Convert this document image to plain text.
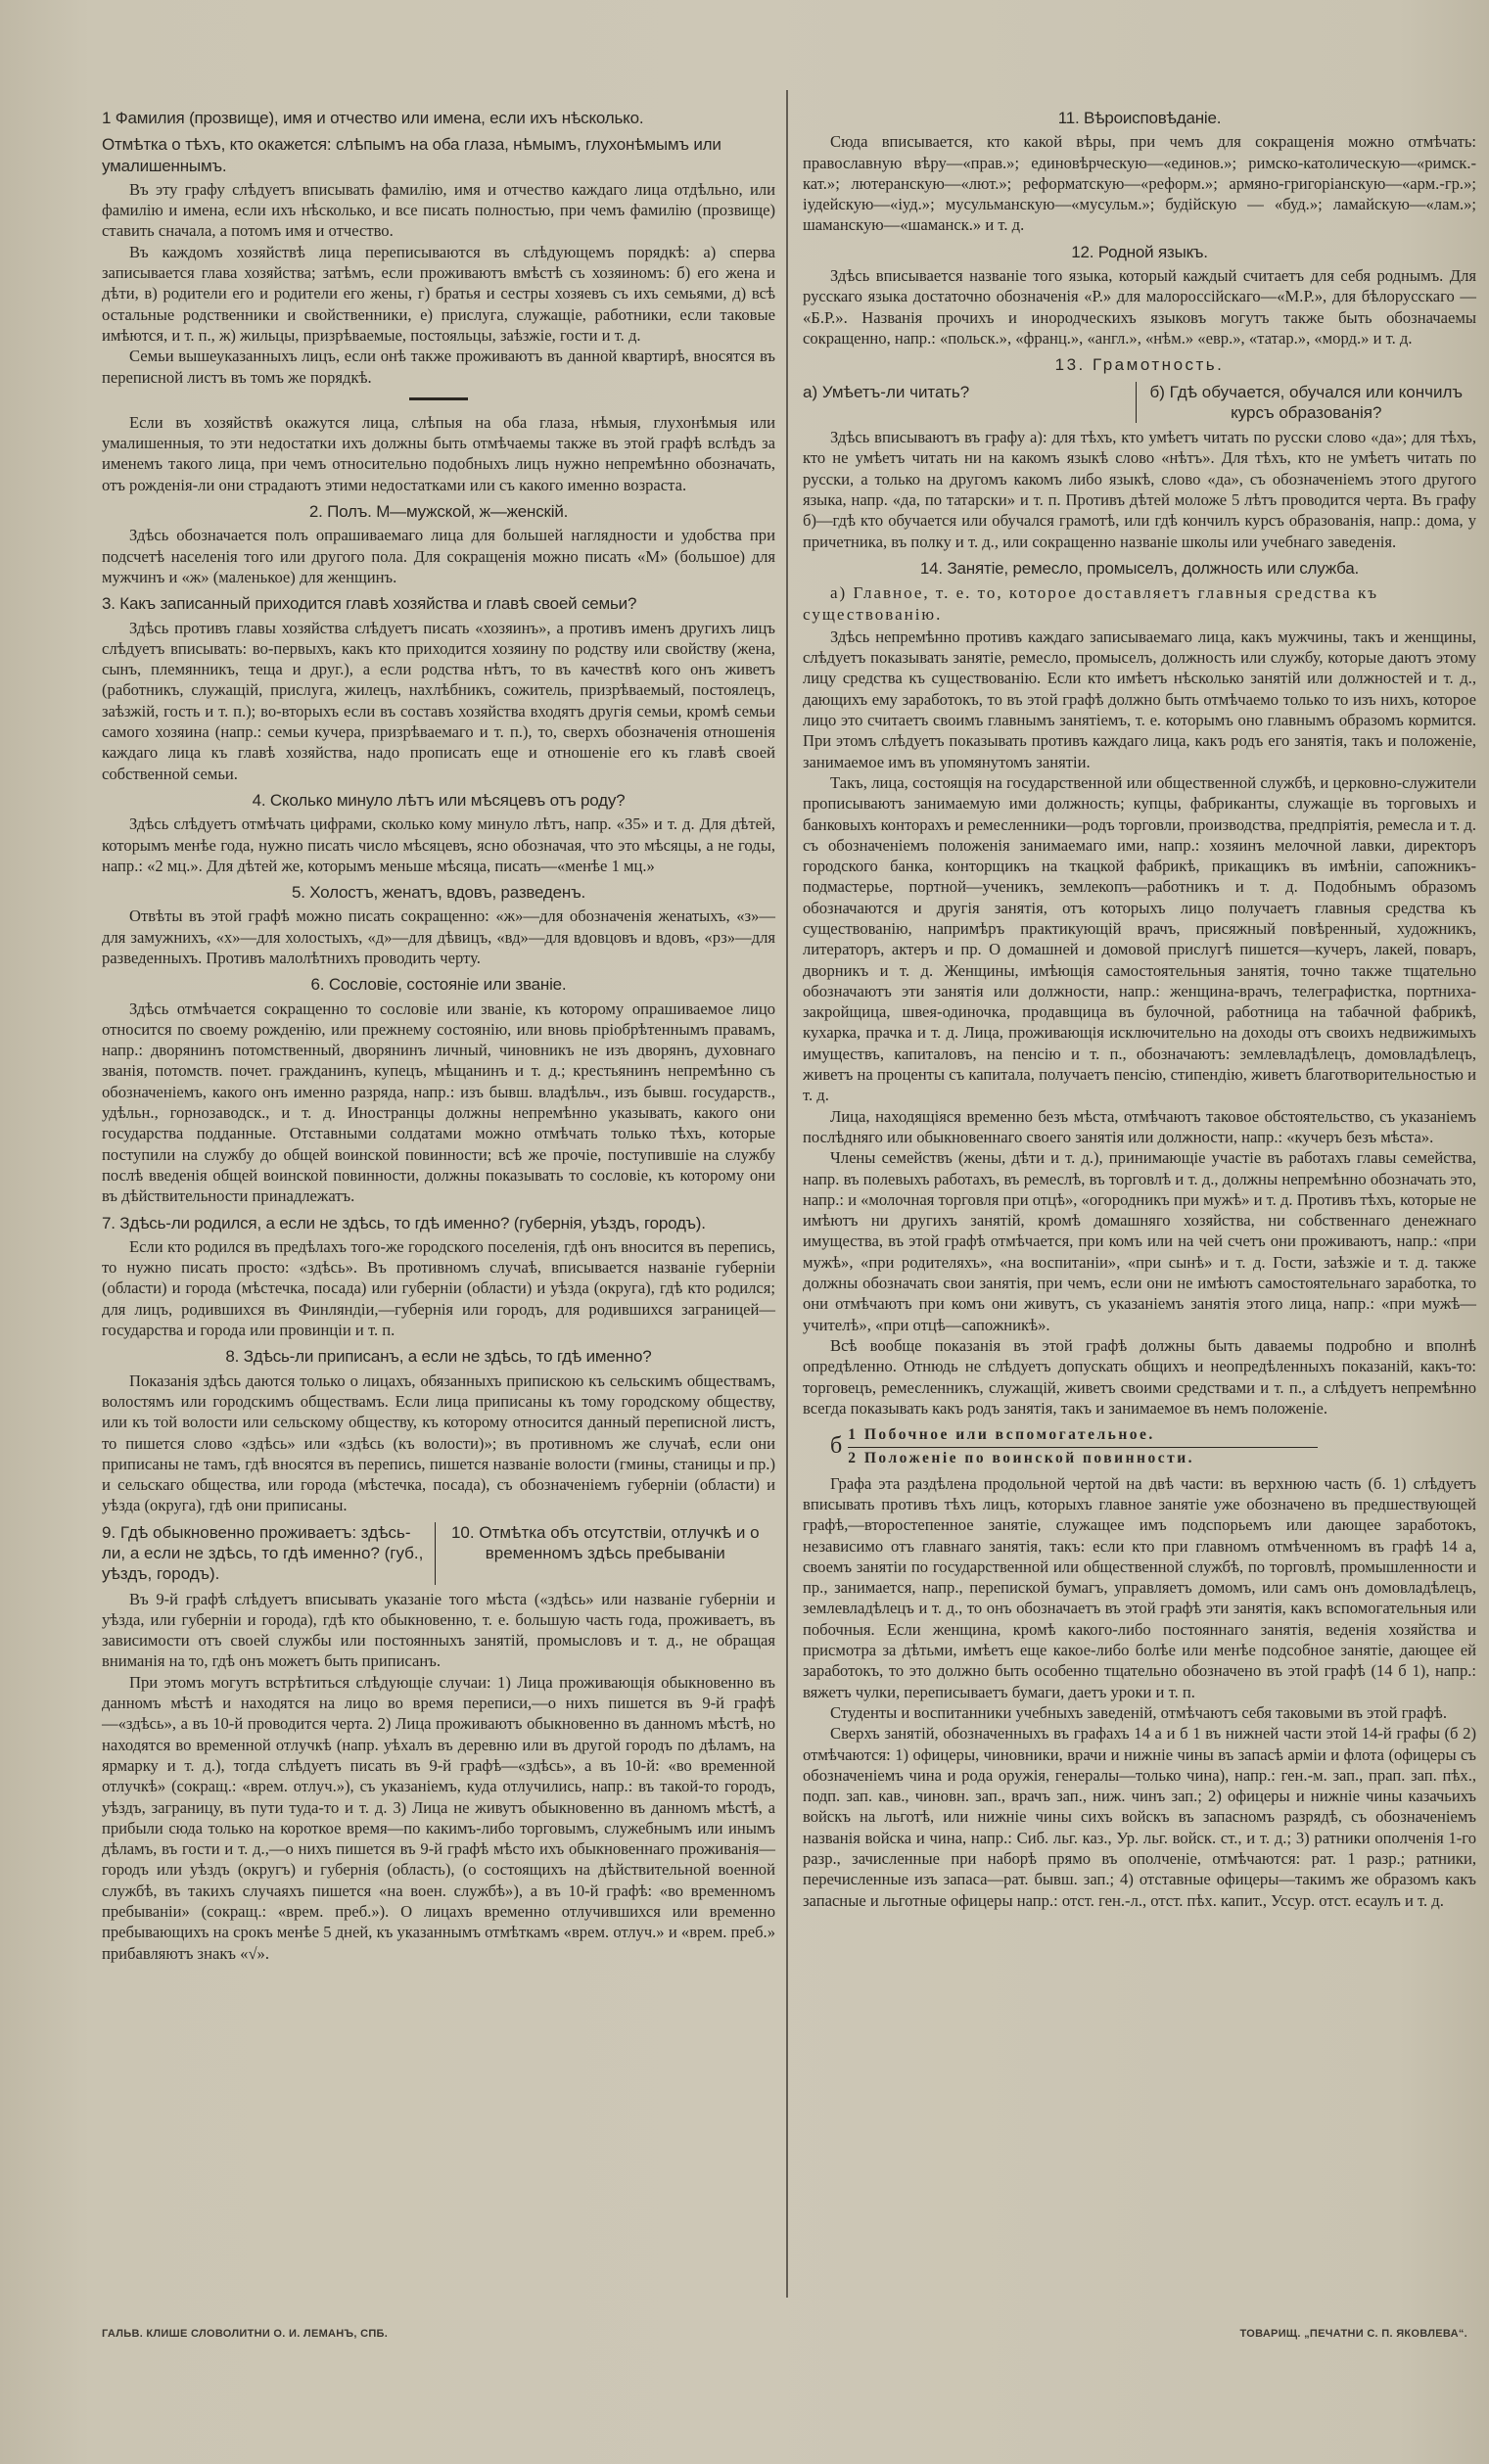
1 Фамилия (прозвище), имя и отчество или имена, если ихъ нѣсколько.
Отмѣтка о тѣхъ, кто окажется: слѣпымъ на оба глаза, нѣмымъ, глухонѣмымъ или умалишеннымъ.

Въ эту графу слѣдуетъ вписывать фамилію, имя и отчество каждаго лица отдѣльно, или фамилію и имена, если ихъ нѣсколько, и все писать полностью, при чемъ фамилію (прозвище) ставить сначала, а потомъ имя и отчество.

Въ каждомъ хозяйствѣ лица переписываются въ слѣдующемъ порядкѣ: а) сперва записывается глава хозяйства; затѣмъ, если проживаютъ вмѣстѣ съ хозяиномъ: б) его жена и дѣти, в) родители его и родители его жены, г) братья и сестры хозяевъ съ ихъ семьями, д) всѣ остальные родственники и свойственники, е) прислуга, служащіе, работники, если таковые имѣются, и т. п., ж) жильцы, призрѣваемые, постояльцы, заѣзжіе, гости и т. д.

Семьи вышеуказанныхъ лицъ, если онѣ также проживаютъ въ данной квартирѣ, вносятся въ переписной листъ въ томъ же порядкѣ.

Если въ хозяйствѣ окажутся лица, слѣпыя на оба глаза, нѣмыя, глухонѣмыя или умалишенныя, то эти недостатки ихъ должны быть отмѣчаемы также въ этой графѣ вслѣдъ за именемъ такого лица, при чемъ относительно подобныхъ лицъ нужно непремѣнно обозначать, отъ рожденія-ли они страдаютъ этими недостатками или съ какого именно возраста.

2. Полъ. М—мужской, ж—женскій.

Здѣсь обозначается полъ опрашиваемаго лица для большей наглядности и удобства при подсчетѣ населенія того или другого пола. Для сокращенія можно писать «М» (большое) для мужчинъ и «ж» (маленькое) для женщинъ.

3. Какъ записанный приходится главѣ хозяйства и главѣ своей семьи?

Здѣсь противъ главы хозяйства слѣдуетъ писать «хозяинъ», а противъ именъ другихъ лицъ слѣдуетъ вписывать: во-первыхъ, какъ кто приходится хозяину по родству или свойству (жена, сынъ, племянникъ, теща и друг.), а если родства нѣтъ, то въ качествѣ кого онъ живетъ (работникъ, служащій, прислуга, жилецъ, нахлѣбникъ, сожитель, призрѣваемый, постоялецъ, заѣзжій, гость и т. п.); во-вторыхъ если въ составъ хозяйства входятъ другія семьи, кромѣ семьи самого хозяина (напр.: семьи кучера, призрѣваемаго и т. п.), то, сверхъ обозначенія отношенія каждаго лица къ главѣ хозяйства, надо прописать еще и отношеніе его къ главѣ своей собственной семьи.

4. Сколько минуло лѣтъ или мѣсяцевъ отъ роду?

Здѣсь слѣдуетъ отмѣчать цифрами, сколько кому минуло лѣтъ, напр. «35» и т. д. Для дѣтей, которымъ менѣе года, нужно писать число мѣсяцевъ, ясно обозначая, что это мѣсяцы, а не годы, напр.: «2 мц.». Для дѣтей же, которымъ меньше мѣсяца, писать—«менѣе 1 мц.»

5. Холостъ, женатъ, вдовъ, разведенъ.

Отвѣты въ этой графѣ можно писать сокращенно: «ж»—для обозначенія женатыхъ, «з»—для замужнихъ, «х»—для холостыхъ, «д»—для дѣвицъ, «вд»—для вдовцовъ и вдовъ, «рз»—для разведенныхъ. Противъ малолѣтнихъ проводить черту.

6. Сословіе, состояніе или званіе.

Здѣсь отмѣчается сокращенно то сословіе или званіе, къ которому опрашиваемое лицо относится по своему рожденію, или прежнему состоянію, или вновь пріобрѣтеннымъ правамъ, напр.: дворянинъ потомственный, дворянинъ личный, чиновникъ не изъ дворянъ, духовнаго званія, потомств. почет. гражданинъ, купецъ, мѣщанинъ и т. д.; крестьянинъ непремѣнно съ обозначеніемъ, какого онъ именно разряда, напр.: изъ бывш. владѣльч., изъ бывш. государств., удѣльн., горнозаводск., и т. д. Иностранцы должны непремѣнно указывать, какого они государства подданные. Отставными солдатами можно отмѣчать только тѣхъ, которые поступили на службу до общей воинской повинности; всѣ же прочіе, поступившіе на службу послѣ введенія общей воинской повинности, должны показывать то сословіе, къ которому они въ дѣйствительности принадлежатъ.

7. Здѣсь-ли родился, а если не здѣсь, то гдѣ именно? (губернія, уѣздъ, городъ).

Если кто родился въ предѣлахъ того-же городского поселенія, гдѣ онъ вносится въ перепись, то нужно писать просто: «здѣсь». Въ противномъ случаѣ, вписывается названіе губерніи (области) и города (мѣстечка, посада) или губерніи (области) и уѣзда (округа), гдѣ кто родился; для лицъ, родившихся въ Финляндіи,—губернія или городъ, для родившихся заграницей—государства и города или провинціи и т. п.

8. Здѣсь-ли приписанъ, а если не здѣсь, то гдѣ именно?

Показанія здѣсь даются только о лицахъ, обязанныхъ припискою къ сельскимъ обществамъ, волостямъ или городскимъ обществамъ. Если лица приписаны къ тому городскому обществу, или къ той волости или сельскому обществу, къ которому относится данный переписной листъ, то пишется слово «здѣсь» или «здѣсь (къ волости)»; въ противномъ же случаѣ, если они приписаны не тамъ, гдѣ вносятся въ перепись, пишется названіе волости (гмины, станицы и пр.) и сельскаго общества, или города (мѣстечка, посада), съ обозначеніемъ губерніи (области) и уѣзда (округа), гдѣ они приписаны.

9. Гдѣ обыкновенно проживаетъ: здѣсь-ли, а если не здѣсь, то гдѣ именно? (губ., уѣздъ, городъ).
10. Отмѣтка объ отсутствіи, отлучкѣ и о временномъ здѣсь пребываніи

Въ 9-й графѣ слѣдуетъ вписывать указаніе того мѣста («здѣсь» или названіе губерніи и уѣзда, или губерніи и города), гдѣ кто обыкновенно, т. е. большую часть года, проживаетъ, въ зависимости отъ своей службы или постоянныхъ занятій, промысловъ и т. д., не обращая вниманія на то, гдѣ онъ можетъ быть приписанъ.

При этомъ могутъ встрѣтиться слѣдующіе случаи: 1) Лица проживающія обыкновенно въ данномъ мѣстѣ и находятся на лицо во время переписи,—о нихъ пишется въ 9-й графѣ—«здѣсь», а въ 10-й проводится черта. 2) Лица проживаютъ обыкновенно въ данномъ мѣстѣ, но находятся во временной отлучкѣ (напр. уѣхалъ въ деревню или въ другой городъ по дѣламъ, на ярмарку и т. д.), тогда слѣдуетъ писать въ 9-й графѣ—«здѣсь», а въ 10-й: «во временной отлучкѣ» (сокращ.: «врем. отлуч.»), съ указаніемъ, куда отлучились, напр.: въ такой-то городъ, уѣздъ, заграницу, въ пути туда-то и т. д. 3) Лица не живутъ обыкновенно въ данномъ мѣстѣ, а прибыли сюда только на короткое время—по какимъ-либо торговымъ, служебнымъ или инымъ дѣламъ, въ гости и т. д.,—о нихъ пишется въ 9-й графѣ мѣсто ихъ обыкновеннаго проживанія—городъ или уѣздъ (округъ) и губернія (область), (о состоящихъ на дѣйствительной военной службѣ, въ такихъ случаяхъ пишется «на воен. службѣ»), а въ 10-й графѣ: «во временномъ пребываніи» (сокращ.: «врем. преб.»). О лицахъ временно отлучившихся или временно пребывающихъ на срокъ менѣе 5 дней, къ указаннымъ отмѣткамъ «врем. отлуч.» и «врем. преб.» прибавляютъ знакъ «√».

11. Вѣроисповѣданіе.

Сюда вписывается, кто какой вѣры, при чемъ для сокращенія можно отмѣчать: православную вѣру—«прав.»; единовѣрческую—«единов.»; римско-католическую—«римск.-кат.»; лютеранскую—«лют.»; реформатскую—«реформ.»; армяно-григоріанскую—«арм.-гр.»; іудейскую—«іуд.»; мусульманскую—«мусульм.»; будійскую — «буд.»; ламайскую—«лам.»; шаманскую—«шаманск.» и т. д.

12. Родной языкъ.

Здѣсь вписывается названіе того языка, который каждый считаетъ для себя роднымъ. Для русскаго языка достаточно обозначенія «Р.» для малороссійскаго—«М.Р.», для бѣлорусскаго — «Б.Р.». Названія прочихъ и инородческихъ языковъ могутъ также быть обозначаемы сокращенно, напр.: «польск.», «франц.», «англ.», «нѣм.» «евр.», «татар.», «морд.» и т. д.

13. Грамотность.
а) Умѣетъ-ли читать?	б) Гдѣ обучается, обучался или кончилъ курсъ образованія?

Здѣсь вписываютъ въ графу а): для тѣхъ, кто умѣетъ читать по русски слово «да»; для тѣхъ, кто не умѣетъ читать ни на какомъ языкѣ слово «нѣтъ». Для тѣхъ, кто не умѣетъ читать по русски, а только на другомъ какомъ либо языкѣ, слово «да», съ обозначеніемъ этого другого языка, напр. «да, по татарски» и т. п. Противъ дѣтей моложе 5 лѣтъ проводится черта. Въ графу б)—гдѣ кто обучается или обучался грамотѣ, или гдѣ кончилъ курсъ образованія, напр.: дома, у причетника, въ полку и т. д., или сокращенно названіе школы или учебнаго заведенія.

14. Занятіе, ремесло, промыселъ, должность или служба.
а) Главное, т. е. то, которое доставляетъ главныя средства къ существованію.

Здѣсь непремѣнно противъ каждаго записываемаго лица, какъ мужчины, такъ и женщины, слѣдуетъ показывать занятіе, ремесло, промыселъ, должность или службу, которые даютъ этому лицу средства къ существованію. Если кто имѣетъ нѣсколько занятій или должностей и т. д., дающихъ ему заработокъ, то въ этой графѣ должно быть отмѣчаемо только то изъ нихъ, которое лицо это считаетъ своимъ главнымъ занятіемъ, т. е. которымъ оно главнымъ образомъ кормится. При этомъ слѣдуетъ показывать противъ каждаго лица, какъ родъ его занятія, такъ и положеніе, занимаемое имъ въ упомянутомъ занятіи.

Такъ, лица, состоящія на государственной или общественной службѣ, и церковно-служители прописываютъ занимаемую ими должность; купцы, фабриканты, служащіе въ торговыхъ и банковыхъ конторахъ и ремесленники—родъ торговли, производства, предпріятія, ремесла и т. д. съ обозначеніемъ положенія занимаемаго ими, напр.: хозяинъ мелочной лавки, директоръ городского банка, конторщикъ на ткацкой фабрикѣ, прикащикъ въ имѣніи, сапожникъ-подмастерье, портной—ученикъ, землекопъ—работникъ и т. д. Подобнымъ образомъ обозначаются и другія занятія, отъ которыхъ лицо получаетъ главныя средства къ существованію, напримѣръ практикующій врачъ, присяжный повѣренный, художникъ, литераторъ, актеръ и пр. О домашней и домовой прислугѣ пишется—кучеръ, лакей, поваръ, дворникъ и т. д. Женщины, имѣющія самостоятельныя занятія, точно также тщательно обозначаютъ эти занятія или должности, напр.: женщина-врачъ, телеграфистка, портниха-закройщица, швея-одиночка, продавщица въ булочной, работница на табачной фабрикѣ, кухарка, прачка и т. д. Лица, проживающія исключительно на доходы отъ своихъ недвижимыхъ имуществъ, капиталовъ, на пенсію и т. п., обозначаютъ: землевладѣлецъ, домовладѣлецъ, живетъ на проценты съ капитала, получаетъ пенсію, стипендію, живетъ благотворительностью и т. д.

Лица, находящіяся временно безъ мѣста, отмѣчаютъ таковое обстоятельство, съ указаніемъ послѣдняго или обыкновеннаго своего занятія или должности, напр.: «кучеръ безъ мѣста».

Члены семействъ (жены, дѣти и т. д.), принимающіе участіе въ работахъ главы семейства, напр. въ полевыхъ работахъ, въ ремеслѣ, въ торговлѣ и т. д., должны непремѣнно обозначать это, напр.: и «молочная торговля при отцѣ», «огородникъ при мужѣ» и т. д. Противъ тѣхъ, которые не имѣютъ ни другихъ занятій, кромѣ домашняго хозяйства, ни собственнаго денежнаго имущества, въ этой графѣ отмѣчается, при комъ или на чей счетъ они проживаютъ, напр.: «при мужѣ», «при родителяхъ», «на воспитаніи», «при сынѣ» и т. д. Гости, заѣзжіе и т. д. также должны обозначать свои занятія, при чемъ, если они не имѣютъ самостоятельнаго заработка, то они отмѣчаютъ при комъ они живутъ, съ указаніемъ занятія этого лица, напр.: «при мужѣ—учителѣ», «при отцѣ—сапожникѣ».

Всѣ вообще показанія въ этой графѣ должны быть даваемы подробно и вполнѣ опредѣленно. Отнюдь не слѣдуетъ допускать общихъ и неопредѣленныхъ показаній, какъ-то: торговецъ, ремесленникъ, служащій, живетъ своими средствами и т. п., а слѣдуетъ непремѣнно всегда показывать какъ родъ занятія, такъ и занимаемое въ немъ положеніе.

б 1 Побочное или вспомогательное.
2 Положеніе по воинской повинности.

Графа эта раздѣлена продольной чертой на двѣ части: въ верхнюю часть (б. 1) слѣдуетъ вписывать противъ тѣхъ лицъ, которыхъ главное занятіе уже обозначено въ предшествующей графѣ,—второстепенное занятіе, служащее имъ подспорьемъ или дающее заработокъ, независимо отъ главнаго занятія, такъ: если кто при главномъ отмѣченномъ въ графѣ 14 а, своемъ занятіи по государственной или общественной службѣ, по торговлѣ, промышленности и пр., занимается, напр., перепиской бумагъ, управляетъ домомъ, или самъ онъ домовладѣлецъ, землевладѣлецъ и т. д., то онъ обозначаетъ въ этой графѣ эти занятія, какъ вспомогательныя или побочныя. Если женщина, кромѣ какого-либо постояннаго занятія, веденія хозяйства и присмотра за дѣтьми, имѣетъ еще какое-либо болѣе или менѣе подсобное занятіе, дающее ей заработокъ, то это должно быть особенно тщательно обозначено въ этой графѣ (14 б 1), напр.: вяжетъ чулки, переписываетъ бумаги, даетъ уроки и т. п.

Студенты и воспитанники учебныхъ заведеній, отмѣчаютъ себя таковыми въ этой графѣ.

Сверхъ занятій, обозначенныхъ въ графахъ 14 а и б 1 въ нижней части этой 14-й графы (б 2) отмѣчаются: 1) офицеры, чиновники, врачи и нижніе чины въ запасѣ арміи и флота (офицеры съ обозначеніемъ чина и рода оружія, генералы—только чина), напр.: ген.-м. зап., прап. зап. пѣх., подп. зап. кав., чиновн. зап., врачъ зап., ниж. чинъ зап.; 2) офицеры и нижніе чины казачьихъ войскъ на льготѣ, или нижніе чины сихъ войскъ въ запасномъ разрядѣ, съ обозначеніемъ названія войска и чина, напр.: Сиб. льг. каз., Ур. льг. войск. ст., и т. д.; 3) ратники ополченія 1-го разр., зачисленные при наборѣ прямо въ ополченіе, отмѣчаются: рат. 1 разр.; ратники, перечисленные изъ запаса—рат. бывш. зап.; 4) отставные офицеры—такимъ же образомъ какъ запасные и льготные офицеры напр.: отст. ген.-л., отст. пѣх. капит., Уссур. отст. есаулъ и т. д.

ГАЛЬВ. КЛИШЕ СЛОВОЛИТНИ О. И. ЛЕМАНЪ, СПБ.	ТОВАРИЩ. „ПЕЧАТНИ С. П. ЯКОВЛЕВА“.
